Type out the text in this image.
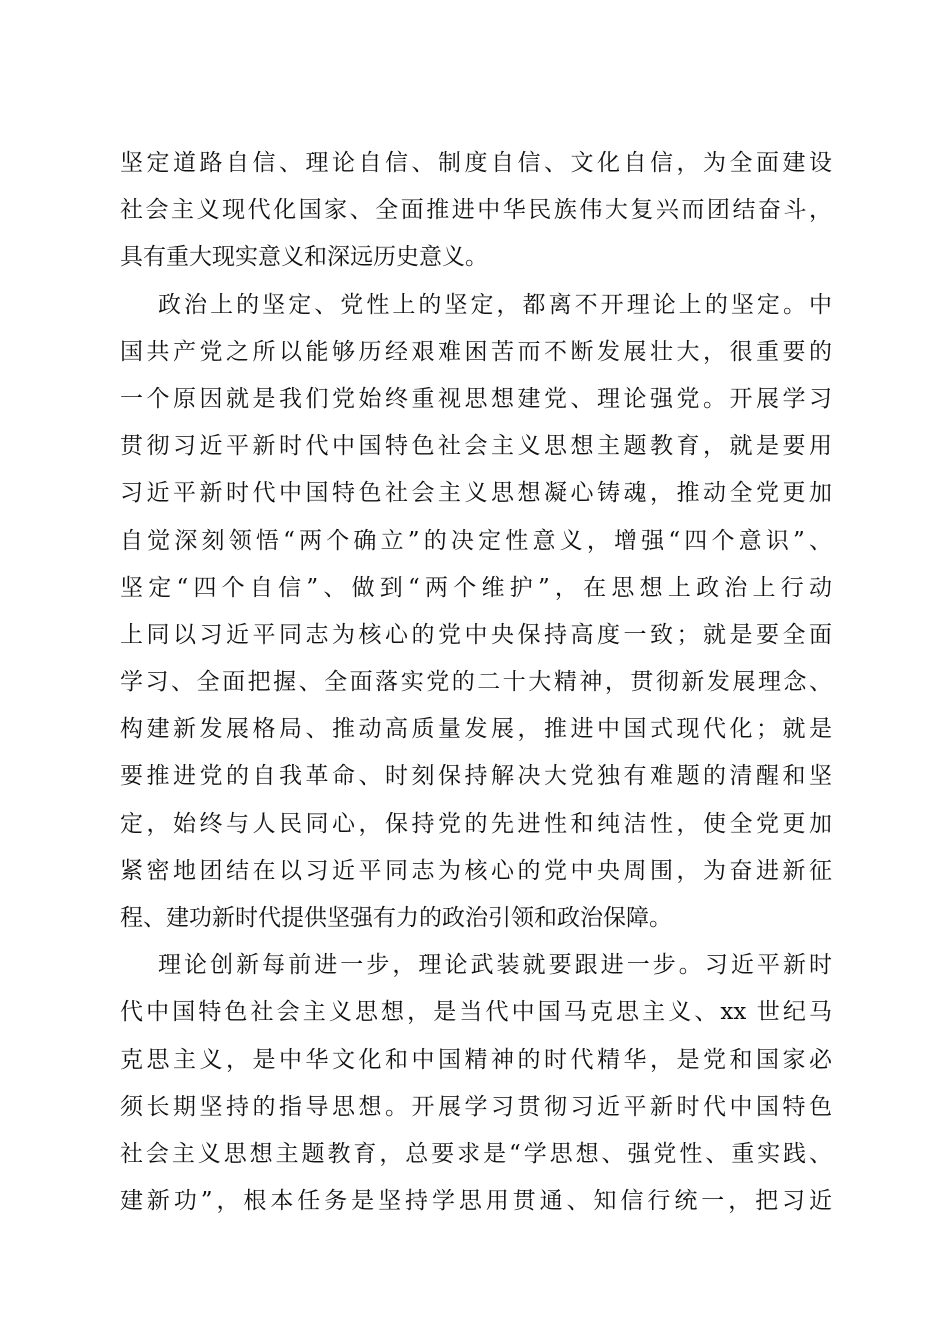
坚定道路自信、理论自信、制度自信、文化自信，为全面建设
社会主义现代化国家、全面推进中华民族伟大复兴而团结奋斗，
具有重大现实意义和深远历史意义。
政治上的坚定、党性上的坚定，都离不开理论上的坚定。中
国共产党之所以能够历经艰难困苦而不断发展壮大，很重要的
一个原因就是我们党始终重视思想建党、理论强党。开展学习
贯彻习近平新时代中国特色社会主义思想主题教育，就是要用
习近平新时代中国特色社会主义思想凝心铸魂，推动全党更加
自觉深刻领悟“两个确立”的决定性意义，增强“四个意识”、
坚定“四个自信”、做到“两个维护”，在思想上政治上行动
上同以习近平同志为核心的党中央保持高度一致；就是要全面
学习、全面把握、全面落实党的二十大精神，贯彻新发展理念、
构建新发展格局、推动高质量发展，推进中国式现代化；就是
要推进党的自我革命、时刻保持解决大党独有难题的清醒和坚
定，始终与人民同心，保持党的先进性和纯洁性，使全党更加
紧密地团结在以习近平同志为核心的党中央周围，为奋进新征
程、建功新时代提供坚强有力的政治引领和政治保障。
理论创新每前进一步，理论武装就要跟进一步。习近平新时
代中国特色社会主义思想，是当代中国马克思主义、xx 世纪马
克思主义，是中华文化和中国精神的时代精华，是党和国家必
须长期坚持的指导思想。开展学习贯彻习近平新时代中国特色
社会主义思想主题教育，总要求是“学思想、强党性、重实践、
建新功”，根本任务是坚持学思用贯通、知信行统一，把习近
